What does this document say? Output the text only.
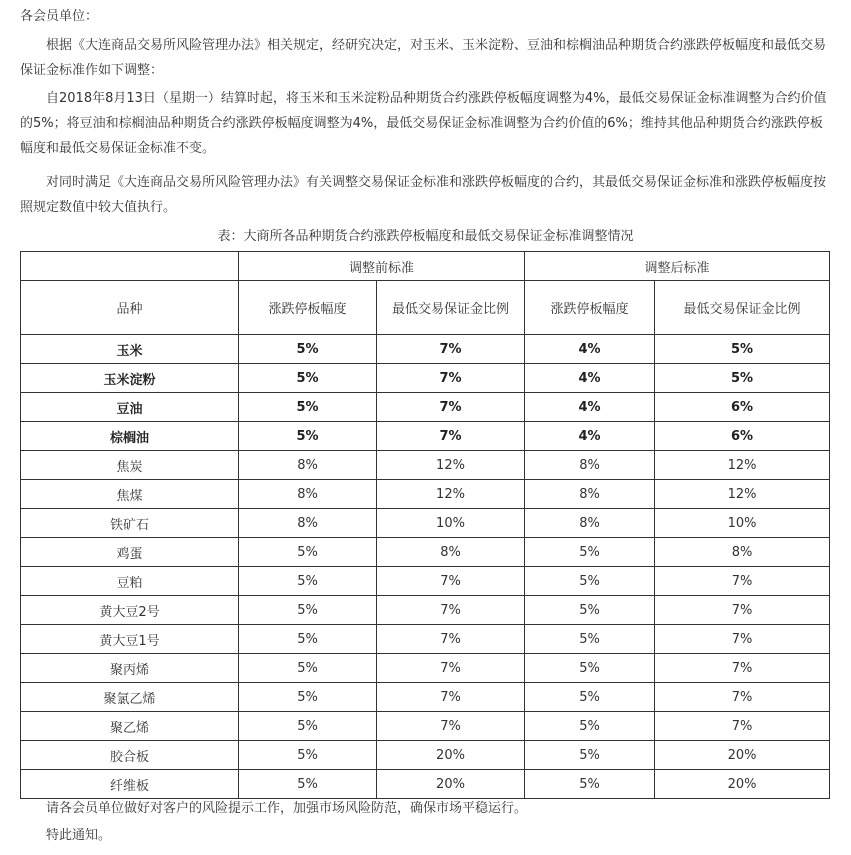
各会员单位：

根据《大连商品交易所风险管理办法》相关规定，经研究决定，对玉米、玉米淀粉、豆油和棕榈油品种期货合约涨跌停板幅度和最低交易保证金标准作如下调整：

自2018年8月13日（星期一）结算时起，将玉米和玉米淀粉品种期货合约涨跌停板幅度调整为4%，最低交易保证金标准调整为合约价值的5%；将豆油和棕榈油品种期货合约涨跌停板幅度调整为4%，最低交易保证金标准调整为合约价值的6%；维持其他品种期货合约涨跌停板幅度和最低交易保证金标准不变。

对同时满足《大连商品交易所风险管理办法》有关调整交易保证金标准和涨跌停板幅度的合约，其最低交易保证金标准和涨跌停板幅度按照规定数值中较大值执行。

表：大商所各品种期货合约涨跌停板幅度和最低交易保证金标准调整情况

	调整前标准		调整后标准	
品种	涨跌停板幅度	最低交易保证金比例	涨跌停板幅度	最低交易保证金比例
玉米	5%	7%	4%	5%
玉米淀粉	5%	7%	4%	5%
豆油	5%	7%	4%	6%
棕榈油	5%	7%	4%	6%
焦炭	8%	12%	8%	12%
焦煤	8%	12%	8%	12%
铁矿石	8%	10%	8%	10%
鸡蛋	5%	8%	5%	8%
豆粕	5%	7%	5%	7%
黄大豆2号	5%	7%	5%	7%
黄大豆1号	5%	7%	5%	7%
聚丙烯	5%	7%	5%	7%
聚氯乙烯	5%	7%	5%	7%
聚乙烯	5%	7%	5%	7%
胶合板	5%	20%	5%	20%
纤维板	5%	20%	5%	20%

请各会员单位做好对客户的风险提示工作，加强市场风险防范，确保市场平稳运行。

特此通知。
